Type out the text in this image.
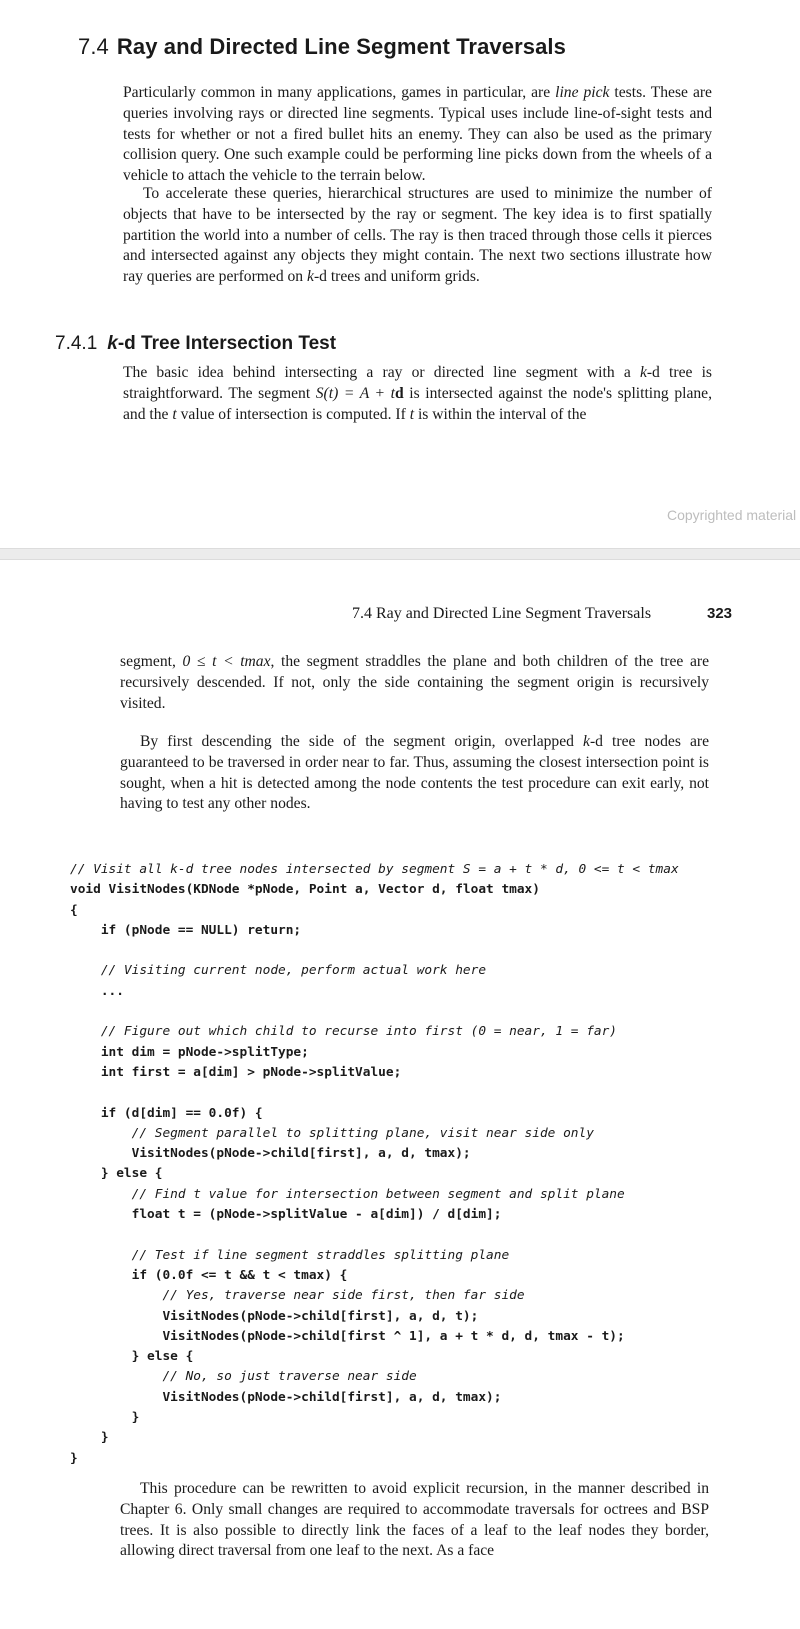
7.4 Ray and Directed Line Segment Traversals

Particularly common in many applications, games in particular, are line pick tests. These are queries involving rays or directed line segments. Typical uses include line-of-sight tests and tests for whether or not a fired bullet hits an enemy. They can also be used as the primary collision query. One such example could be performing line picks down from the wheels of a vehicle to attach the vehicle to the terrain below.

To accelerate these queries, hierarchical structures are used to minimize the number of objects that have to be intersected by the ray or segment. The key idea is to first spatially partition the world into a number of cells. The ray is then traced through those cells it pierces and intersected against any objects they might contain. The next two sections illustrate how ray queries are performed on k-d trees and uniform grids.

7.4.1 k-d Tree Intersection Test

The basic idea behind intersecting a ray or directed line segment with a k-d tree is straightforward. The segment S(t) = A + td is intersected against the node's splitting plane, and the t value of intersection is computed. If t is within the interval of the

Copyrighted material
7.4 Ray and Directed Line Segment Traversals	323

segment, 0 ≤ t < tmax, the segment straddles the plane and both children of the tree are recursively descended. If not, only the side containing the segment origin is recursively visited.

By first descending the side of the segment origin, overlapped k-d tree nodes are guaranteed to be traversed in order near to far. Thus, assuming the closest intersection point is sought, when a hit is detected among the node contents the test procedure can exit early, not having to test any other nodes.

// Visit all k-d tree nodes intersected by segment S = a + t * d, 0 <= t < tmax
void VisitNodes(KDNode *pNode, Point a, Vector d, float tmax)
{
if (pNode == NULL) return;
// Visiting current node, perform actual work here
...
// Figure out which child to recurse into first (0 = near, 1 = far)
int dim = pNode->splitType;
int first = a[dim] > pNode->splitValue;
if (d[dim] == 0.0f) {
// Segment parallel to splitting plane, visit near side only
VisitNodes(pNode->child[first], a, d, tmax);
} else {
// Find t value for intersection between segment and split plane
float t = (pNode->splitValue - a[dim]) / d[dim];
// Test if line segment straddles splitting plane
if (0.0f <= t && t < tmax) {
// Yes, traverse near side first, then far side
VisitNodes(pNode->child[first], a, d, t);
VisitNodes(pNode->child[first ^ 1], a + t * d, d, tmax - t);
} else {
// No, so just traverse near side
VisitNodes(pNode->child[first], a, d, tmax);
}
}
}

This procedure can be rewritten to avoid explicit recursion, in the manner described in Chapter 6. Only small changes are required to accommodate traversals for octrees and BSP trees. It is also possible to directly link the faces of a leaf to the leaf nodes they border, allowing direct traversal from one leaf to the next. As a face
